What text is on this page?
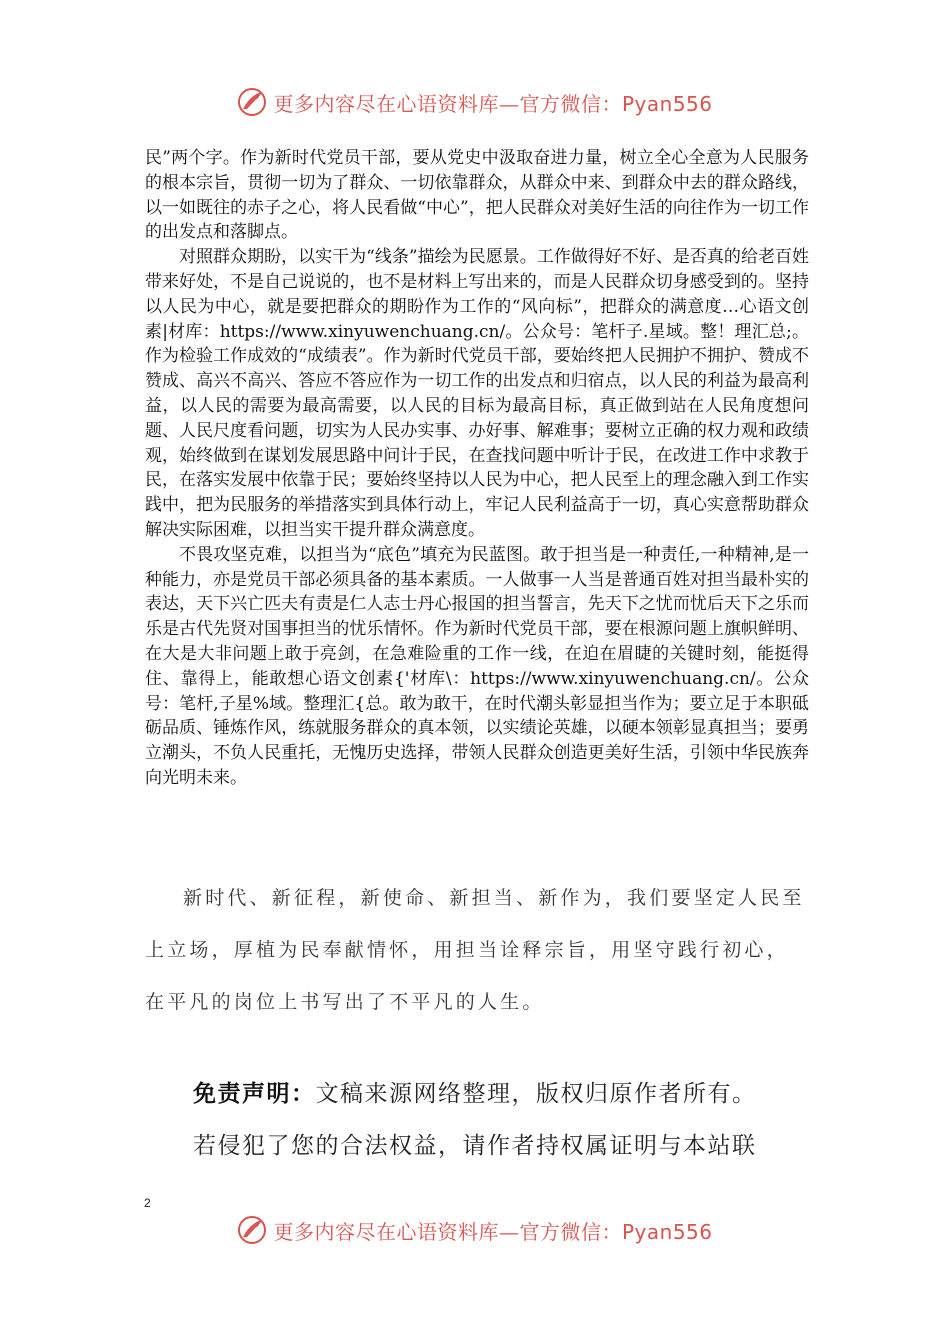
更多内容尽在心语资料库—官方微信：Pyan556

民”两个字。作为新时代党员干部，要从党史中汲取奋进力量，树立全心全意为人民服务的根本宗旨，贯彻一切为了群众、一切依靠群众，从群众中来、到群众中去的群众路线，以一如既往的赤子之心，将人民看做“中心”，把人民群众对美好生活的向往作为一切工作的出发点和落脚点。

对照群众期盼，以实干为“线条”描绘为民愿景。工作做得好不好、是否真的给老百姓带来好处，不是自己说说的，也不是材料上写出来的，而是人民群众切身感受到的。坚持以人民为中心，就是要把群众的期盼作为工作的“风向标”，把群众的满意度…心语文创素|材库：https://www.xinyuwenchuang.cn/。公众号：笔杆子.星域。整！理汇总;。作为检验工作成效的“成绩表”。作为新时代党员干部，要始终把人民拥护不拥护、赞成不赞成、高兴不高兴、答应不答应作为一切工作的出发点和归宿点，以人民的利益为最高利益，以人民的需要为最高需要，以人民的目标为最高目标，真正做到站在人民角度想问题、人民尺度看问题，切实为人民办实事、办好事、解难事；要树立正确的权力观和政绩观，始终做到在谋划发展思路中问计于民，在查找问题中听计于民，在改进工作中求教于民，在落实发展中依靠于民；要始终坚持以人民为中心，把人民至上的理念融入到工作实践中，把为民服务的举措落实到具体行动上，牢记人民利益高于一切，真心实意帮助群众解决实际困难，以担当实干提升群众满意度。

不畏攻坚克难，以担当为“底色”填充为民蓝图。敢于担当是一种责任,一种精神,是一种能力，亦是党员干部必须具备的基本素质。一人做事一人当是普通百姓对担当最朴实的表达，天下兴亡匹夫有责是仁人志士丹心报国的担当誓言，先天下之忧而忧后天下之乐而乐是古代先贤对国事担当的忧乐情怀。作为新时代党员干部，要在根源问题上旗帜鲜明、在大是大非问题上敢于亮剑，在急难险重的工作一线，在迫在眉睫的关键时刻，能挺得住、靠得上，能敢想心语文创素{'材库\：https://www.xinyuwenchuang.cn/。公众号：笔杆,子星%域。整理汇{总。敢为敢干，在时代潮头彰显担当作为；要立足于本职砥砺品质、锤炼作风，练就服务群众的真本领，以实绩论英雄，以硬本领彰显真担当；要勇立潮头，不负人民重托，无愧历史选择，带领人民群众创造更美好生活，引领中华民族奔向光明未来。

新时代、新征程，新使命、新担当、新作为，我们要坚定人民至上立场，厚植为民奉献情怀，用担当诠释宗旨，用坚守践行初心，在平凡的岗位上书写出了不平凡的人生。

免责声明：文稿来源网络整理，版权归原作者所有。

若侵犯了您的合法权益，请作者持权属证明与本站联

2
更多内容尽在心语资料库—官方微信：Pyan556
